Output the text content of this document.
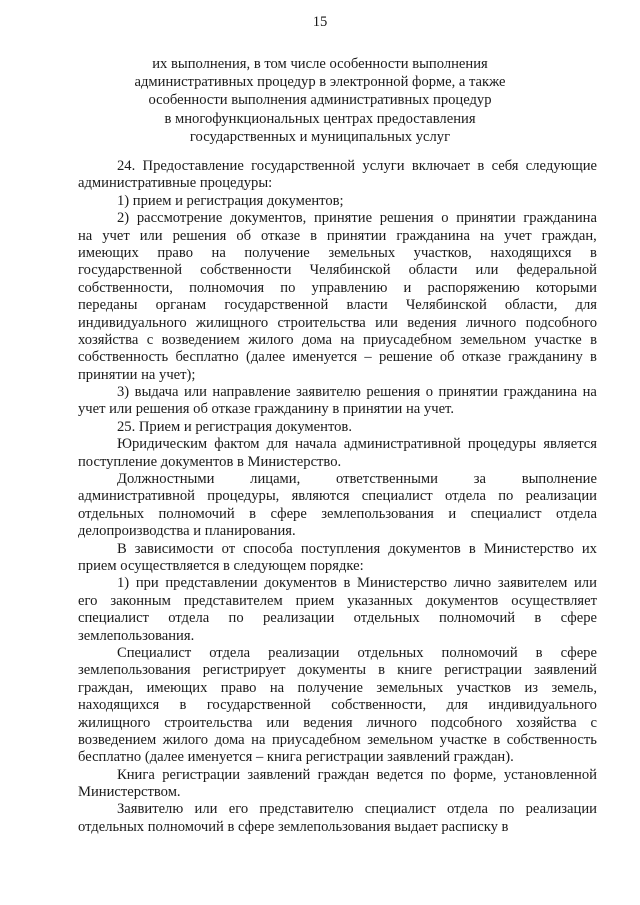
15
их выполнения, в том числе особенности выполнения
административных процедур в электронной форме, а также
особенности выполнения административных процедур
в многофункциональных центрах предоставления
государственных и муниципальных услуг
24. Предоставление государственной услуги включает в себя следующие
административные процедуры:
1) прием и регистрация документов;
2) рассмотрение документов, принятие решения о принятии гражданина
на учет или решения об отказе в принятии гражданина на учет граждан,
имеющих право на получение земельных участков, находящихся в
государственной собственности Челябинской области или федеральной
собственности, полномочия по управлению и распоряжению которыми
переданы органам государственной власти Челябинской области, для
индивидуального жилищного строительства или ведения личного подсобного
хозяйства с возведением жилого дома на приусадебном земельном участке в
собственность бесплатно (далее именуется – решение об отказе гражданину в
принятии на учет);
3) выдача или направление заявителю решения о принятии гражданина на
учет или решения об отказе гражданину в принятии на учет.
25. Прием и регистрация документов.
Юридическим фактом для начала административной процедуры является
поступление документов в Министерство.
Должностными лицами, ответственными за выполнение
административной процедуры, являются специалист отдела по реализации
отдельных полномочий в сфере землепользования и специалист отдела
делопроизводства и планирования.
В зависимости от способа поступления документов в Министерство их
прием осуществляется в следующем порядке:
1) при представлении документов в Министерство лично заявителем или
его законным представителем прием указанных документов осуществляет
специалист отдела по реализации отдельных полномочий в сфере
землепользования.
Специалист отдела реализации отдельных полномочий в сфере
землепользования регистрирует документы в книге регистрации заявлений
граждан, имеющих право на получение земельных участков из земель,
находящихся в государственной собственности, для индивидуального
жилищного строительства или ведения личного подсобного хозяйства с
возведением жилого дома на приусадебном земельном участке в собственность
бесплатно (далее именуется – книга регистрации заявлений граждан).
Книга регистрации заявлений граждан ведется по форме, установленной
Министерством.
Заявителю или его представителю специалист отдела по реализации
отдельных полномочий в сфере землепользования выдает расписку в
